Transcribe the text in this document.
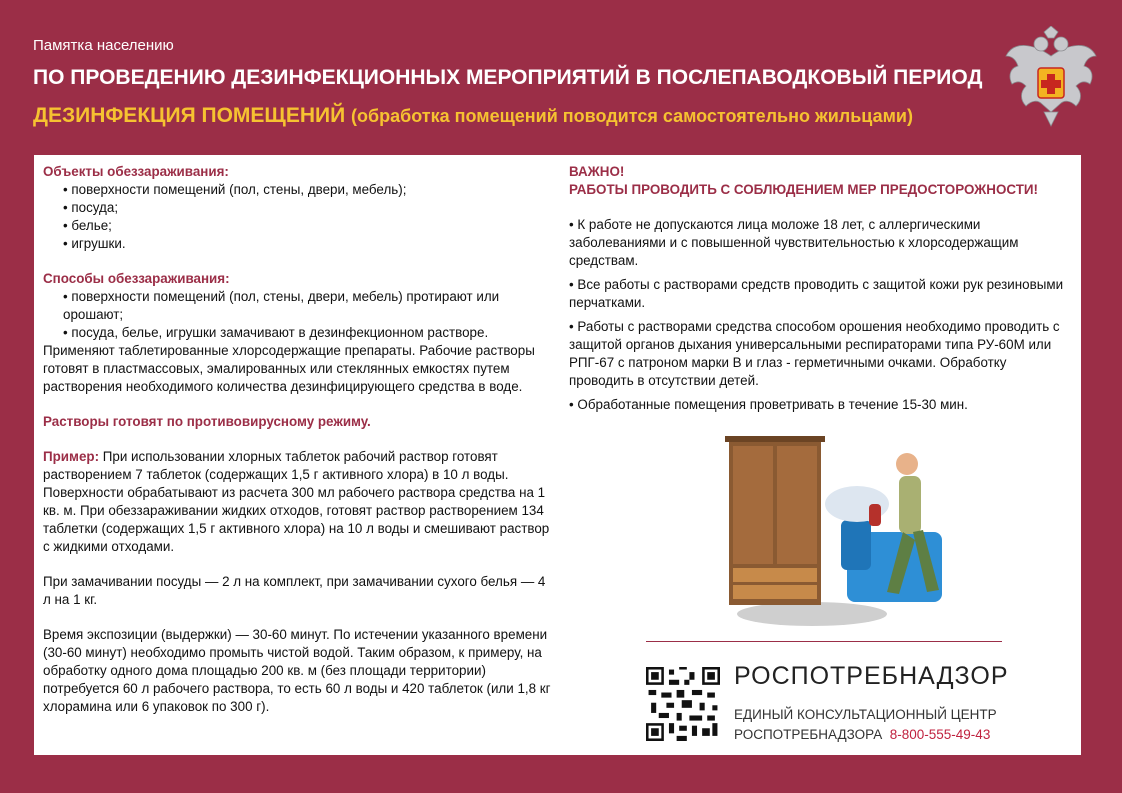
Памятка населению
ПО ПРОВЕДЕНИЮ ДЕЗИНФЕКЦИОННЫХ МЕРОПРИЯТИЙ В ПОСЛЕПАВОДКОВЫЙ ПЕРИОД
ДЕЗИНФЕКЦИЯ ПОМЕЩЕНИЙ (обработка помещений поводится самостоятельно жильцами)

Объекты обеззараживания:

• поверхности помещений (пол, стены, двери, мебель);
• посуда;
• белье;
• игрушки.

Способы обеззараживания:

• поверхности помещений (пол, стены, двери, мебель) протирают или орошают;
• посуда, белье, игрушки замачивают в дезинфекционном растворе.

Применяют таблетированные хлорсодержащие препараты. Рабочие растворы готовят в пластмассовых, эмалированных или стеклянных емкостях путем растворения необходимого количества дезинфицирующего средства в воде.

Растворы готовят по противовирусному режиму.

Пример: При использовании хлорных таблеток рабочий раствор готовят растворением 7 таблеток (содержащих 1,5 г активного хлора) в 10 л воды. Поверхности обрабатывают из расчета 300 мл рабочего раствора средства на 1 кв. м. При обеззараживании жидких отходов, готовят раствор растворением 134 таблетки (содержащих 1,5 г активного хлора) на 10 л воды и смешивают раствор с жидкими отходами.

При замачивании посуды — 2 л на комплект, при замачивании сухого белья — 4 л на 1 кг.

Время экспозиции (выдержки) — 30-60 минут. По истечении указанного времени (30-60 минут) необходимо промыть чистой водой. Таким образом, к примеру, на обработку одного дома площадью 200 кв. м (без площади территории) потребуется 60 л рабочего раствора, то есть 60 л воды и 420 таблеток (или 1,8 кг хлорамина или 6 упаковок по 300 г).

ВАЖНО!

РАБОТЫ ПРОВОДИТЬ С СОБЛЮДЕНИЕМ МЕР ПРЕДОСТОРОЖНОСТИ!

• К работе не допускаются лица моложе 18 лет, с аллергическими заболеваниями и с повышенной чувствительностью к хлорсодержащим средствам.

• Все работы с растворами средств проводить с защитой кожи рук резиновыми перчатками.

• Работы с растворами средства способом орошения необходимо проводить с защитой органов дыхания универсальными респираторами типа РУ-60М или РПГ-67 с патроном марки В и глаз - герметичными очками. Обработку проводить в отсутствии детей.

• Обработанные помещения проветривать в течение 15-30 мин.

РОСПОТРЕБНАДЗОР
ЕДИНЫЙ КОНСУЛЬТАЦИОННЫЙ ЦЕНТР
РОСПОТРЕБНАДЗОРА 8-800-555-49-43
